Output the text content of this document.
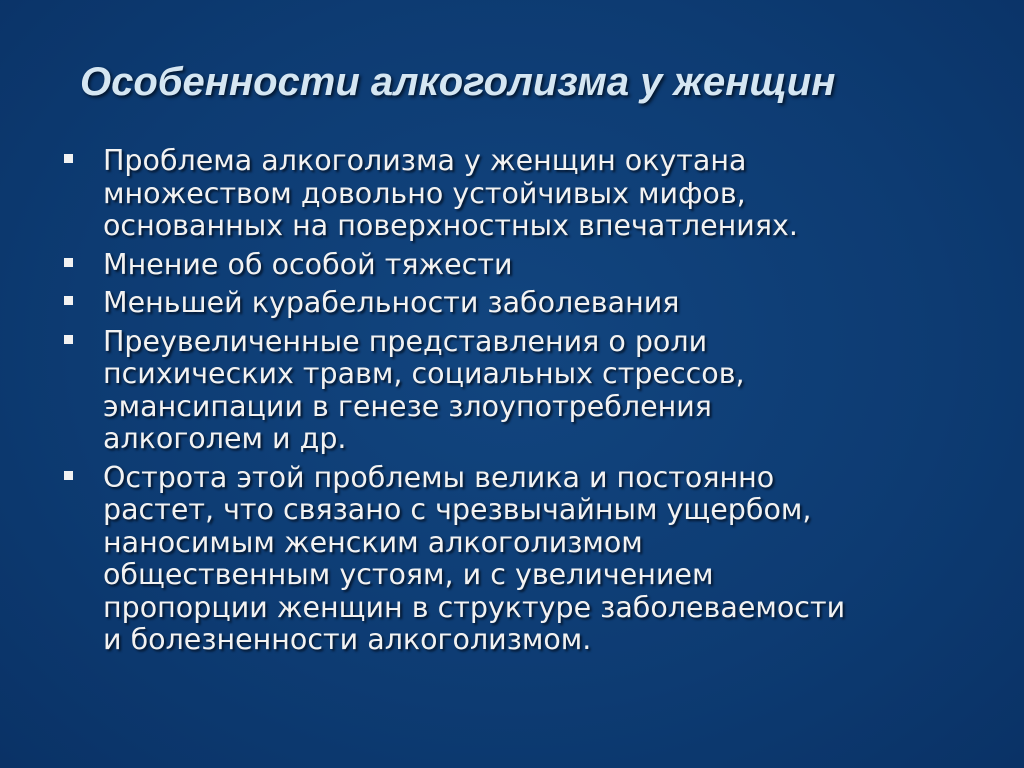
Особенности алкоголизма у женщин
Проблема алкоголизма у женщин окутана
множеством довольно устойчивых мифов,
основанных на поверхностных впечатлениях.
Мнение об особой тяжести
Меньшей курабельности заболевания
Преувеличенные представления о роли
психических травм, социальных стрессов,
эмансипации в генезе злоупотребления
алкоголем и др.
Острота этой проблемы велика и постоянно
растет, что связано с чрезвычайным ущербом,
наносимым женским алкоголизмом
общественным устоям, и с увеличением
пропорции женщин в структуре заболеваемости
и болезненности алкоголизмом.
